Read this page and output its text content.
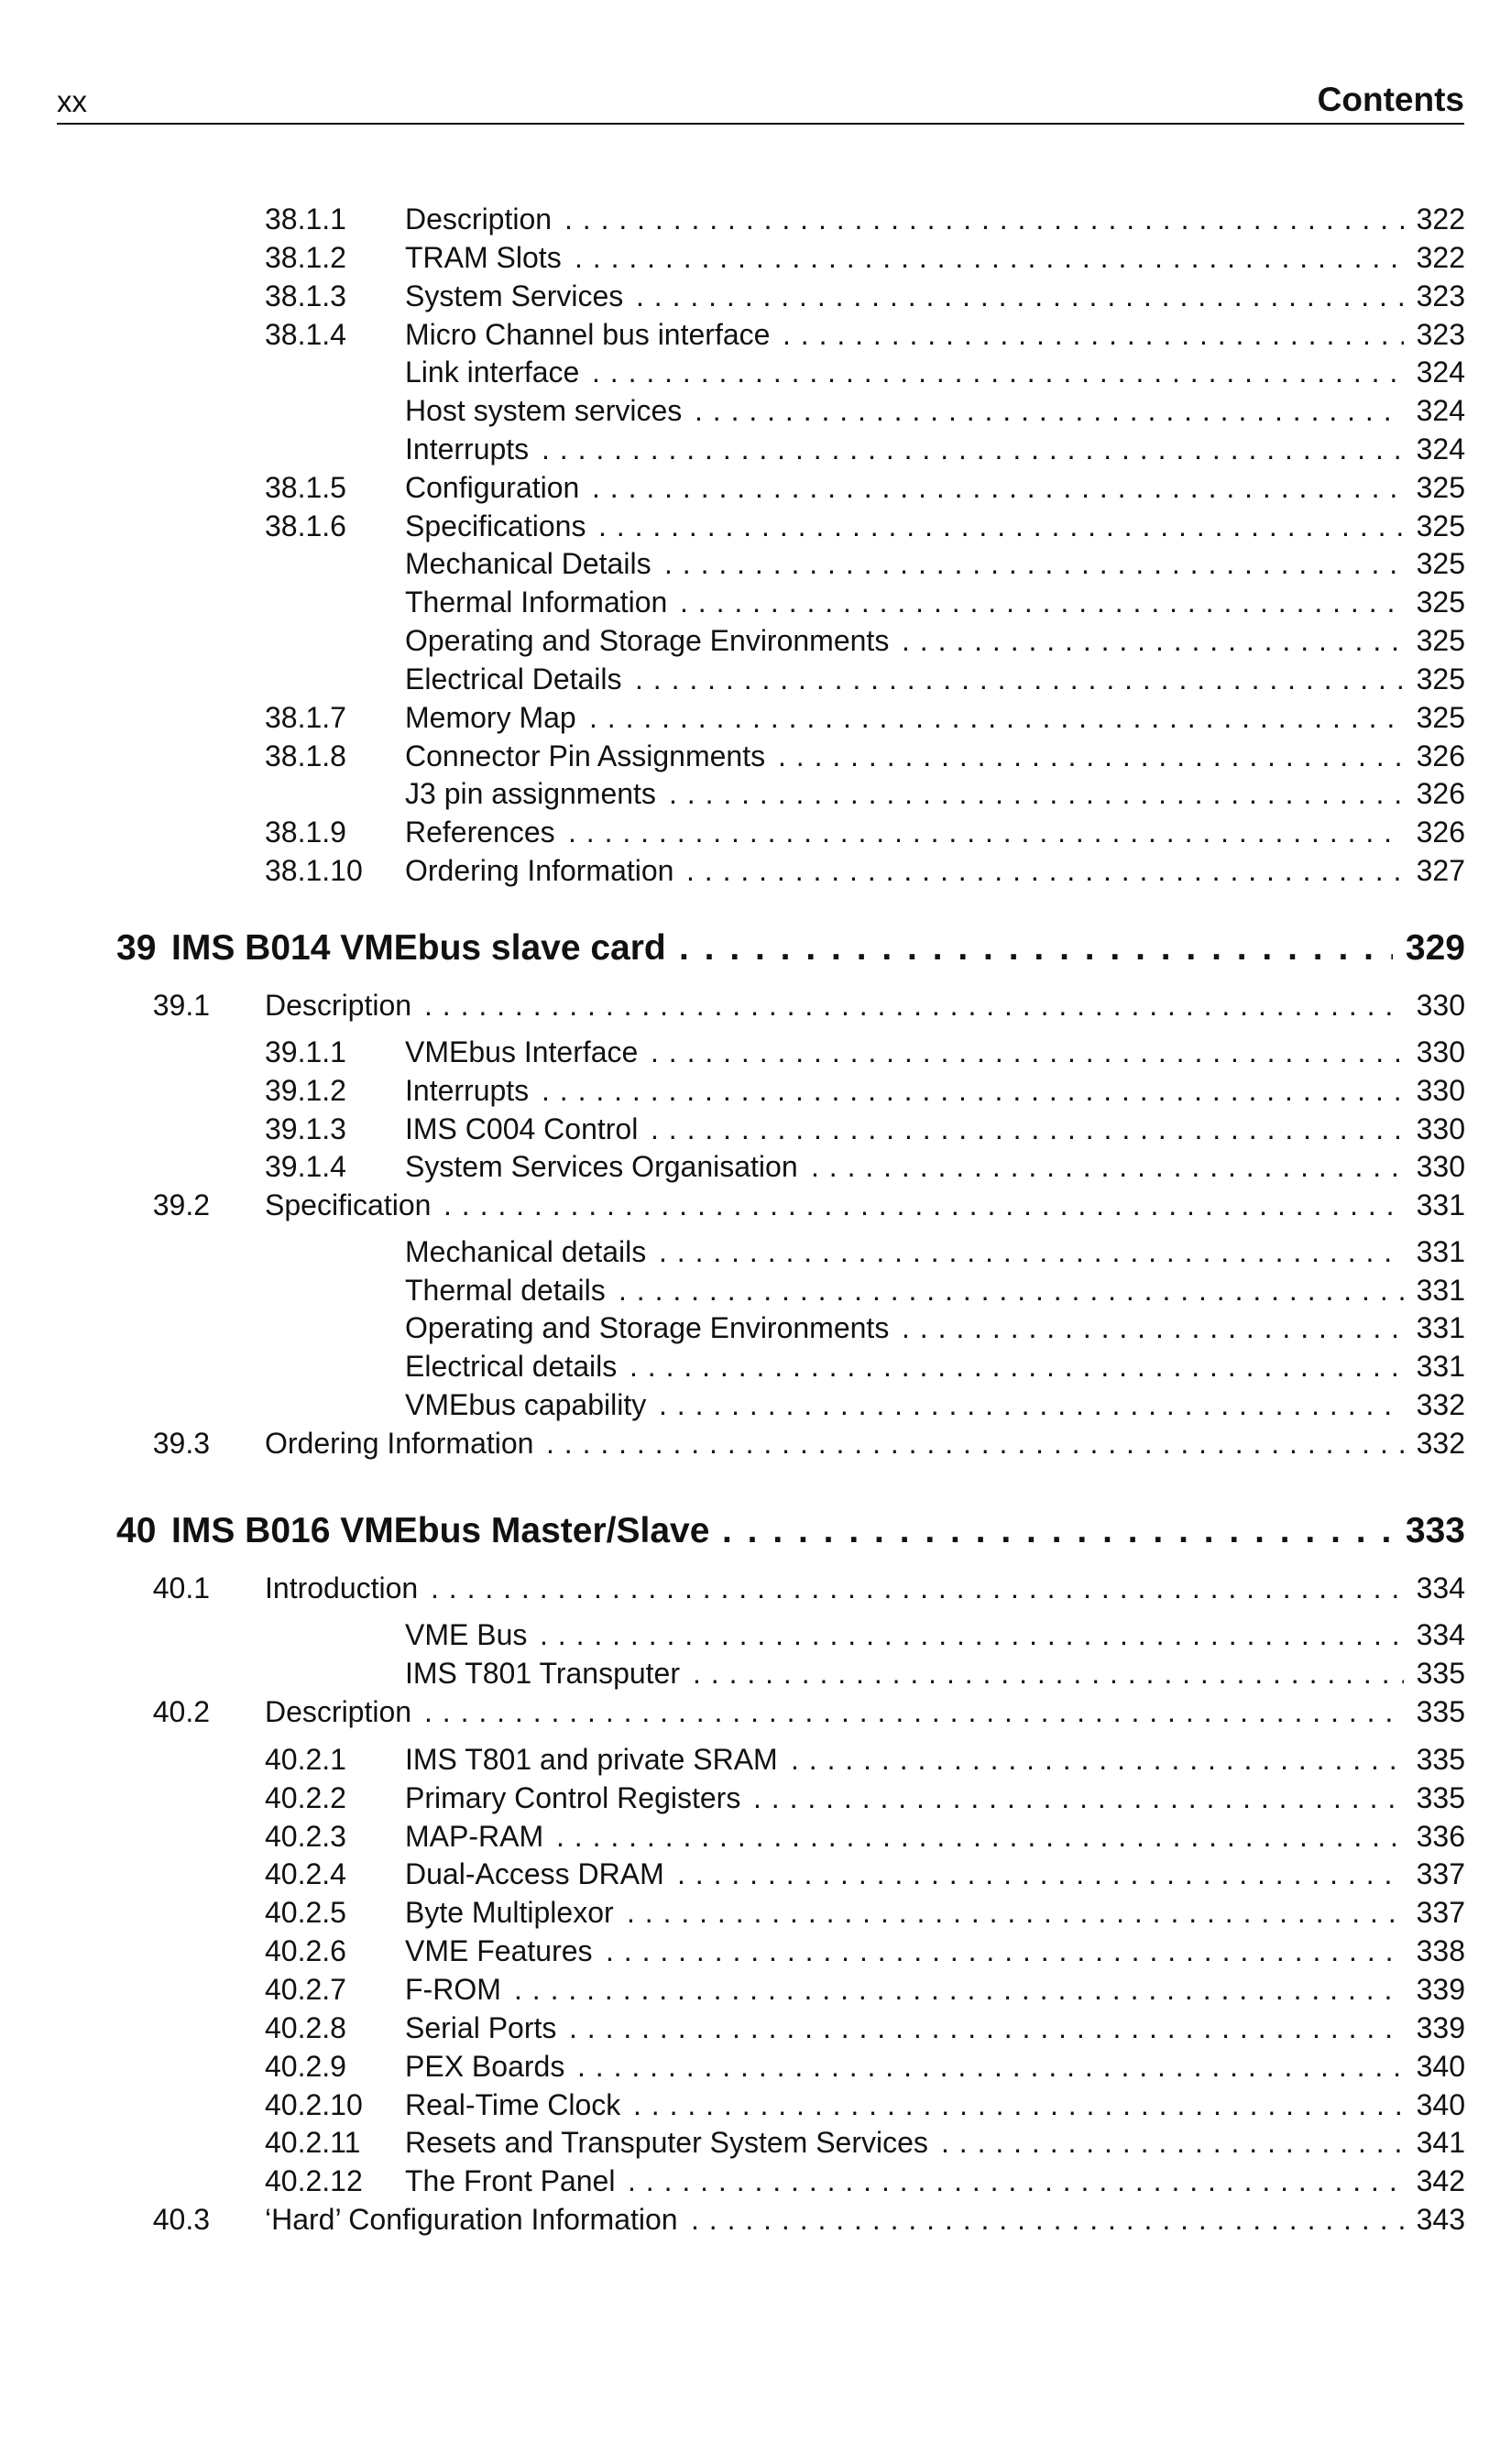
xx	Contents
. . .
38.1.1 Description	322
. . .
38.1.2 TRAM Slots	322
. . .
38.1.3 System Services	323
. . .
38.1.4 Micro Channel bus interface	323
. . .
Link interface	324
. . .
Host system services	324
. . .
Interrupts	324
. . .
38.1.5 Configuration	325
. . .
38.1.6 Specifications	325
. . .
Mechanical Details	325
. . .
Thermal Information	325
. . .
Operating and Storage Environments	325
. . .
Electrical Details	325
. . .
38.1.7 Memory Map	325
. . .
38.1.8 Connector Pin Assignments	326
. . .
J3 pin assignments	326
. . .
38.1.9 References	326
. . .
38.1.10 Ordering Information	327
. . .
39 IMS B014 VMEbus slave card	329
. . .
39.1 Description	330
. . .
39.1.1 VMEbus Interface	330
. . .
39.1.2 Interrupts	330
. . .
39.1.3 IMS C004 Control	330
. . .
39.1.4 System Services Organisation	330
. . .
39.2 Specification	331
. . .
Mechanical details	331
. . .
Thermal details	331
. . .
Operating and Storage Environments	331
. . .
Electrical details	331
. . .
VMEbus capability	332
. . .
39.3 Ordering Information	332
. . .
40 IMS B016 VMEbus Master/Slave	333
. . .
40.1 Introduction	334
. . .
VME Bus	334
. . .
IMS T801 Transputer	335
. . .
40.2 Description	335
. . .
40.2.1 IMS T801 and private SRAM	335
. . .
40.2.2 Primary Control Registers	335
. . .
40.2.3 MAP-RAM	336
. . .
40.2.4 Dual-Access DRAM	337
. . .
40.2.5 Byte Multiplexor	337
. . .
40.2.6 VME Features	338
. . .
40.2.7 F-ROM	339
. . .
40.2.8 Serial Ports	339
. . .
40.2.9 PEX Boards	340
. . .
40.2.10 Real-Time Clock	340
. . .
40.2.11 Resets and Transputer System Services	341
. . .
40.2.12 The Front Panel	342
. . .
40.3 ‘Hard’ Configuration Information	343
